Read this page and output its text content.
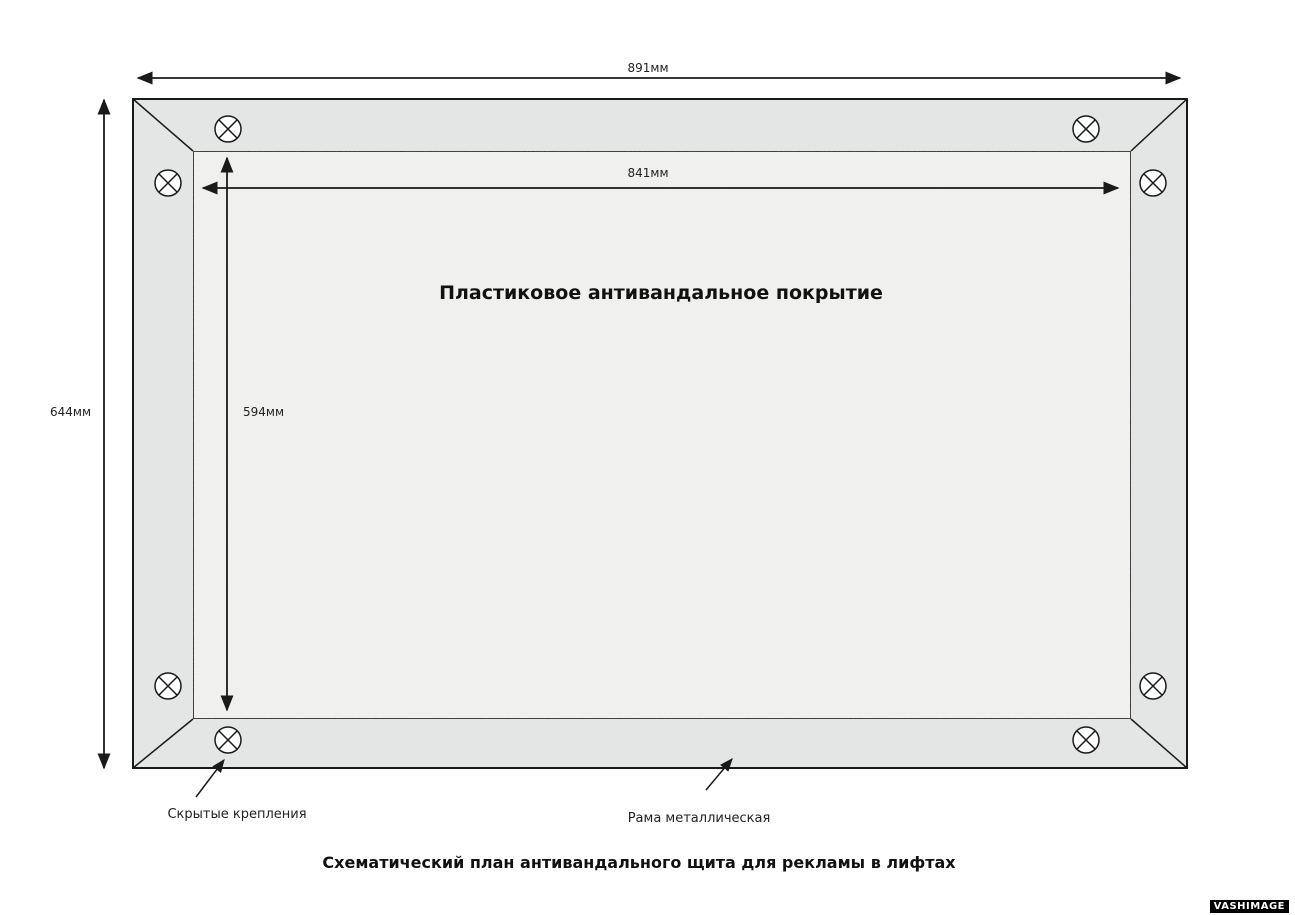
891мм
841мм
644мм	594мм
Пластиковое антивандальное покрытие
Скрытые крепления	Рама металлическая
Схематический план антивандального щита для рекламы в лифтах
VASHIMAGE
